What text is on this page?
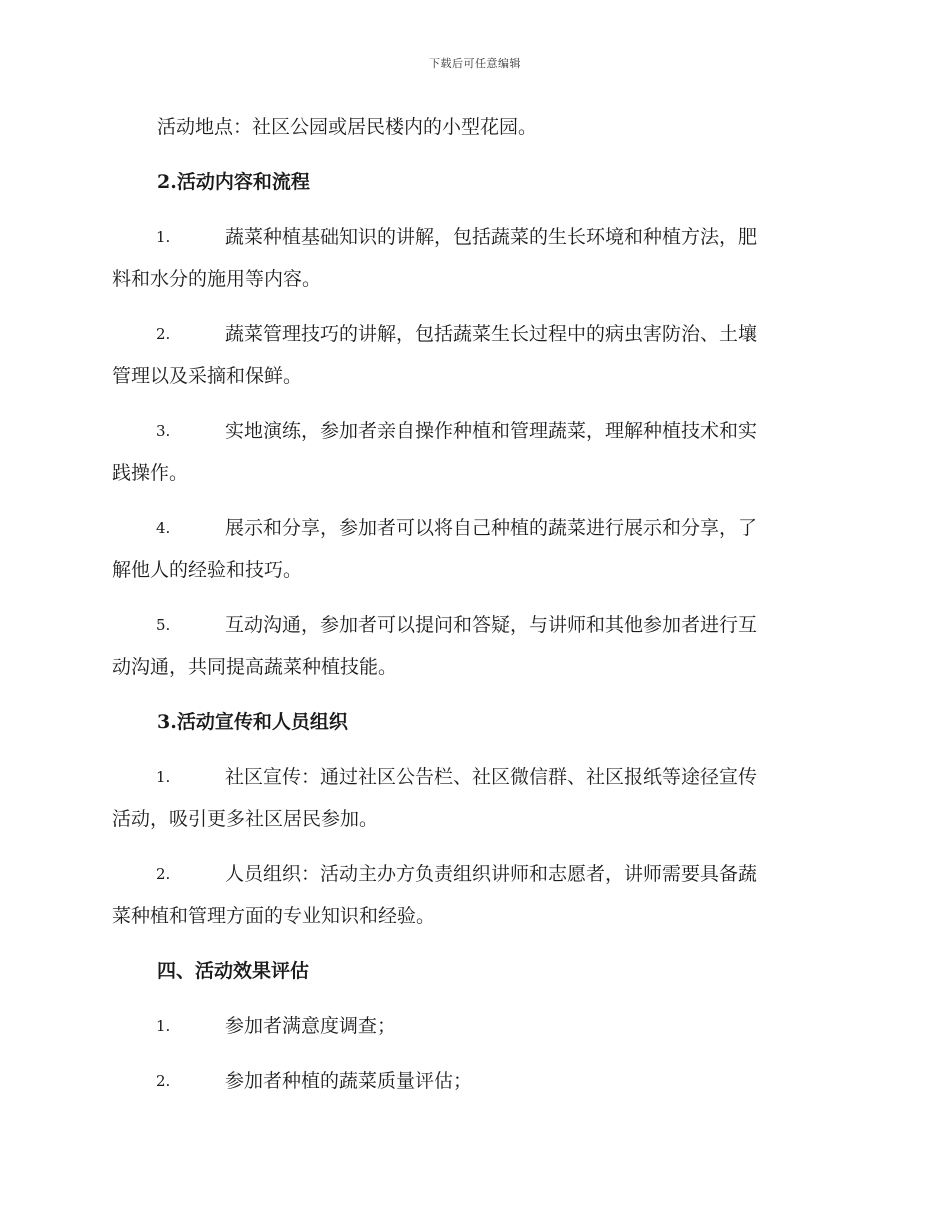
下载后可任意编辑
活动地点：社区公园或居民楼内的小型花园。
2.活动内容和流程
1.	蔬菜种植基础知识的讲解，包括蔬菜的生长环境和种植方法，肥
料和水分的施用等内容。
2.	蔬菜管理技巧的讲解，包括蔬菜生长过程中的病虫害防治、土壤
管理以及采摘和保鲜。
3.	实地演练，参加者亲自操作种植和管理蔬菜，理解种植技术和实
践操作。
4.	展示和分享，参加者可以将自己种植的蔬菜进行展示和分享，了
解他人的经验和技巧。
5.	互动沟通，参加者可以提问和答疑，与讲师和其他参加者进行互
动沟通，共同提高蔬菜种植技能。
3.活动宣传和人员组织
1.	社区宣传：通过社区公告栏、社区微信群、社区报纸等途径宣传
活动，吸引更多社区居民参加。
2.	人员组织：活动主办方负责组织讲师和志愿者，讲师需要具备蔬
菜种植和管理方面的专业知识和经验。
四、活动效果评估
1.	参加者满意度调查；
2.	参加者种植的蔬菜质量评估；
